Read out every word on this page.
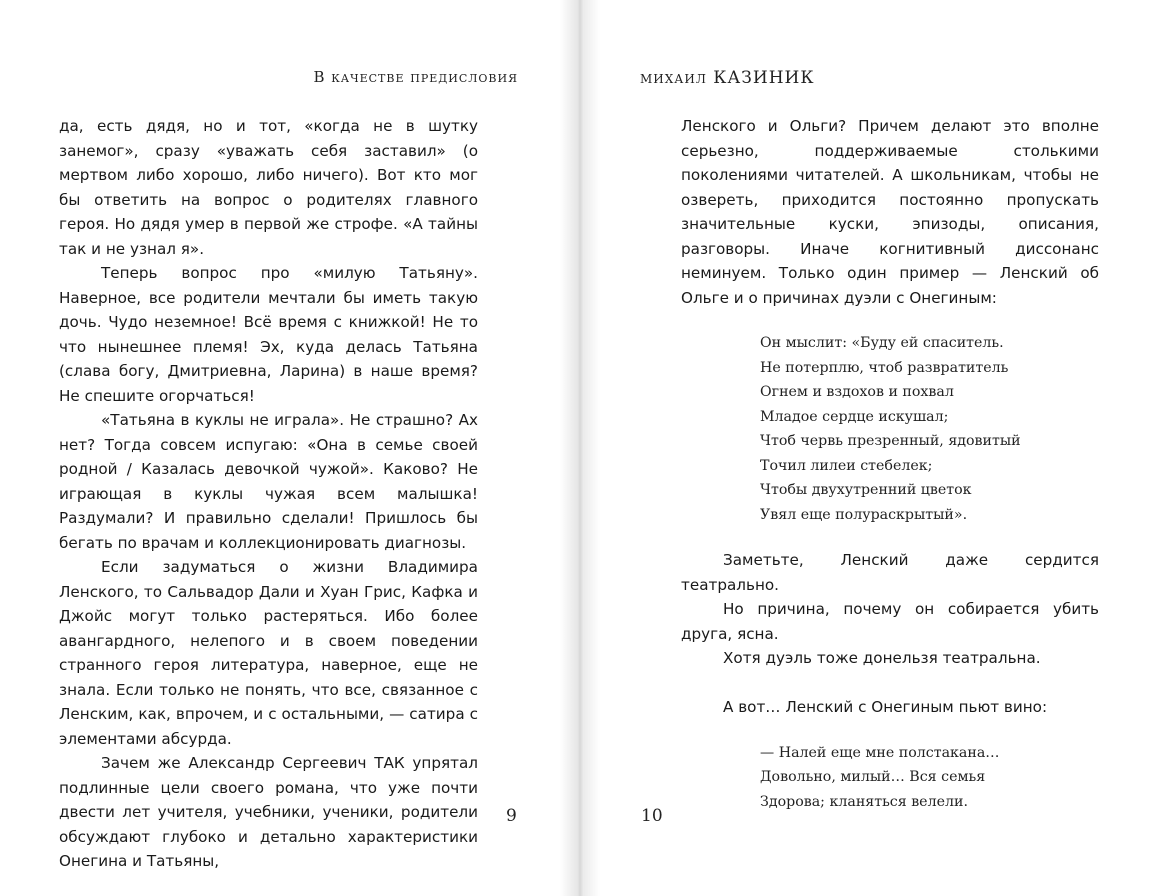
В качестве предисловия

да, есть дядя, но и тот, «когда не в шутку занемог», сразу «уважать себя заставил» (о мертвом либо хорошо, либо ничего). Вот кто мог бы ответить на вопрос о родителях главного героя. Но дядя умер в первой же строфе. «А тайны так и не узнал я».

Теперь вопрос про «милую Татьяну». Наверное, все родители мечтали бы иметь такую дочь. Чудо неземное! Всё время с книжкой! Не то что нынешнее племя! Эх, куда делась Татьяна (слава богу, Дмитриевна, Ларина) в наше время? Не спешите огорчаться!

«Татьяна в куклы не играла». Не страшно? Ах нет? Тогда совсем испугаю: «Она в семье своей родной / Казалась девочкой чужой». Каково? Не играющая в куклы чужая всем малышка! Раздумали? И правильно сделали! Пришлось бы бегать по врачам и коллекционировать диагнозы.

Если задуматься о жизни Владимира Ленского, то Сальвадор Дали и Хуан Грис, Кафка и Джойс могут только растеряться. Ибо более авангардного, нелепого и в своем поведении странного героя литература, наверное, еще не знала. Если только не понять, что все, связанное с Ленским, как, впрочем, и с остальными, — сатира с элементами абсурда.

Зачем же Александр Сергеевич ТАК упрятал подлинные цели своего романа, что уже почти двести лет учителя, учебники, ученики, родители обсуждают глубоко и детально характеристики Онегина и Татьяны,

9
михаил КАЗИНИК

Ленского и Ольги? Причем делают это вполне серьезно, поддерживаемые столькими поколениями читателей. А школьникам, чтобы не озвереть, приходится постоянно пропускать значительные куски, эпизоды, описания, разговоры. Иначе когнитивный диссонанс неминуем. Только один пример — Ленский об Ольге и о причинах дуэли с Онегиным:

Он мыслит: «Буду ей спаситель.
Не потерплю, чтоб развратитель
Огнем и вздохов и похвал
Младое сердце искушал;
Чтоб червь презренный, ядовитый
Точил лилеи стебелек;
Чтобы двухутренний цветок
Увял еще полураскрытый».

Заметьте, Ленский даже сердится театрально.

Но причина, почему он собирается убить друга, ясна.

Хотя дуэль тоже донельзя театральна.

А вот… Ленский с Онегиным пьют вино:

— Налей еще мне полстакана…
Довольно, милый… Вся семья
Здорова; кланяться велели.
10
